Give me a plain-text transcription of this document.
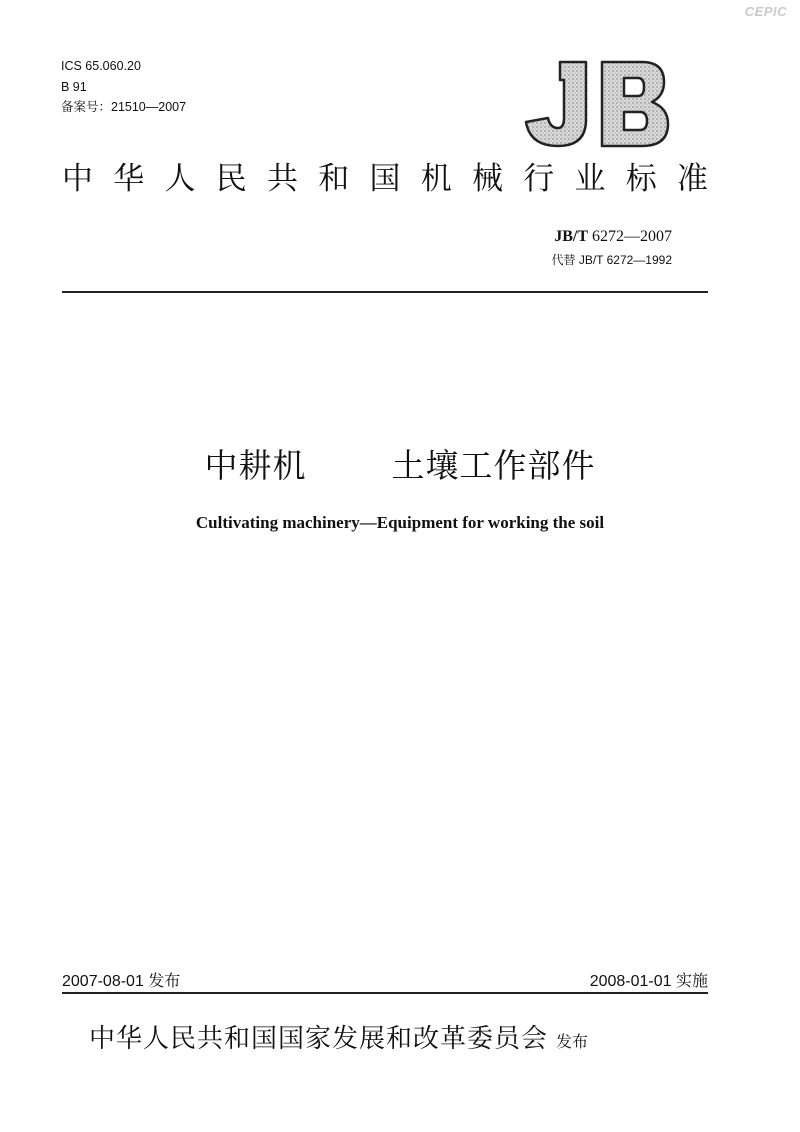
CEPIC
ICS 65.060.20
B 91
备案号：21510—2007
中 华 人 民 共 和 国 机 械 行 业 标 准
JB/T 6272—2007
代替 JB/T 6272—1992
中耕机	土壤工作部件
Cultivating machinery—Equipment for working the soil
2007-08-01 发布	2008-01-01 实施
中华人民共和国国家发展和改革委员会 发布
